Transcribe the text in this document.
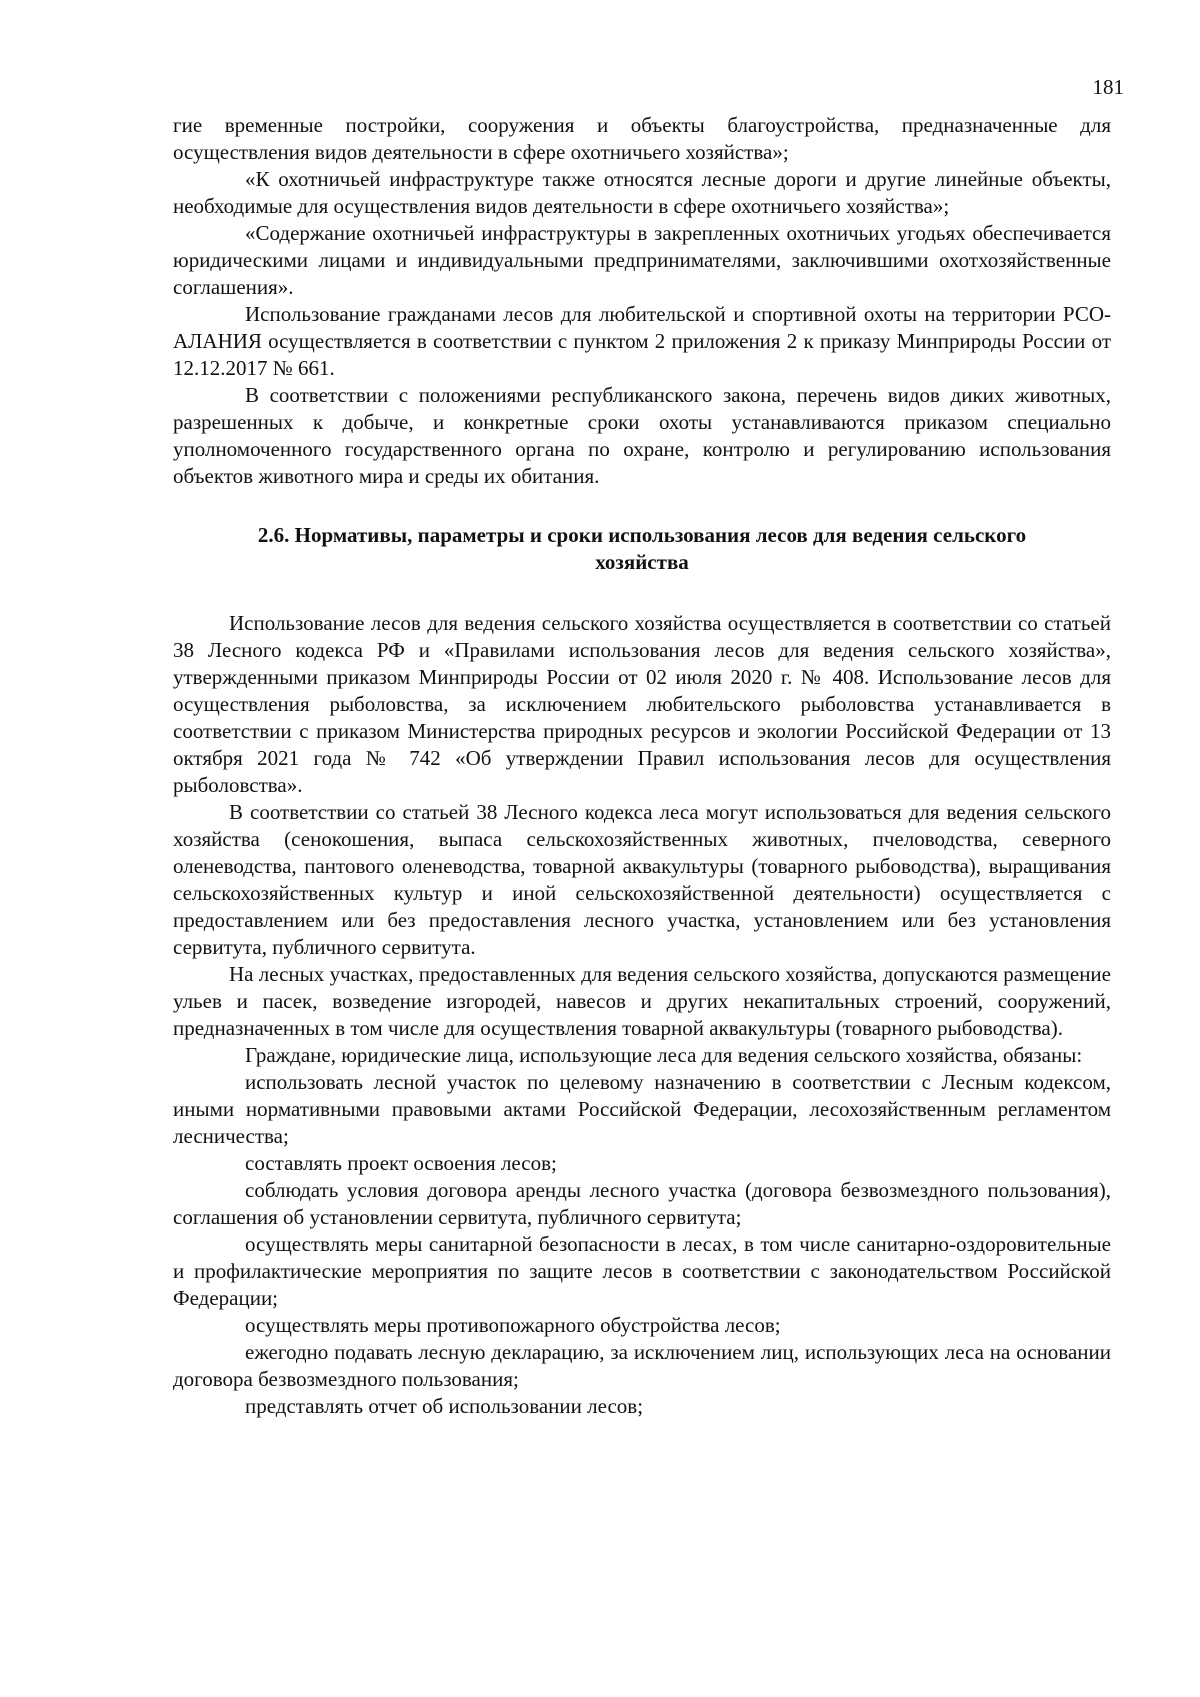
181

гие временные постройки, сооружения и объекты благоустройства, предназначенные для осуществления видов деятельности в сфере охотничьего хозяйства»;

«К охотничьей инфраструктуре также относятся лесные дороги и другие линейные объекты, необходимые для осуществления видов деятельности в сфере охотничьего хозяйства»;

«Содержание охотничьей инфраструктуры в закрепленных охотничьих угодьях обеспечивается юридическими лицами и индивидуальными предпринимателями, заключившими охотхозяйственные соглашения».

Использование гражданами лесов для любительской и спортивной охоты на территории РСО-АЛАНИЯ осуществляется в соответствии с пунктом 2 приложения 2 к приказу Минприроды России от 12.12.2017 № 661.

В соответствии с положениями республиканского закона, перечень видов диких животных, разрешенных к добыче, и конкретные сроки охоты устанавливаются приказом специально уполномоченного государственного органа по охране, контролю и регулированию использования объектов животного мира и среды их обитания.

2.6. Нормативы, параметры и сроки использования лесов для ведения сельского
хозяйства

Использование лесов для ведения сельского хозяйства осуществляется в соответствии со статьей 38 Лесного кодекса РФ и «Правилами использования лесов для ведения сельского хозяйства», утвержденными приказом Минприроды России от 02 июля 2020 г. № 408. Использование лесов для осуществления рыболовства, за исключением любительского рыболовства устанавливается в соответствии с приказом Министерства природных ресурсов и экологии Российской Федерации от 13 октября 2021 года № 742 «Об утверждении Правил использования лесов для осуществления рыболовства».

В соответствии со статьей 38 Лесного кодекса леса могут использоваться для ведения сельского хозяйства (сенокошения, выпаса сельскохозяйственных животных, пчеловодства, северного оленеводства, пантового оленеводства, товарной аквакультуры (товарного рыбоводства), выращивания сельскохозяйственных культур и иной сельскохозяйственной деятельности) осуществляется с предоставлением или без предоставления лесного участка, установлением или без установления сервитута, публичного сервитута.

На лесных участках, предоставленных для ведения сельского хозяйства, допускаются размещение ульев и пасек, возведение изгородей, навесов и других некапитальных строений, сооружений, предназначенных в том числе для осуществления товарной аквакультуры (товарного рыбоводства).

Граждане, юридические лица, использующие леса для ведения сельского хозяйства, обязаны:

использовать лесной участок по целевому назначению в соответствии с Лесным кодексом, иными нормативными правовыми актами Российской Федерации, лесохозяйственным регламентом лесничества;

составлять проект освоения лесов;

соблюдать условия договора аренды лесного участка (договора безвозмездного пользования), соглашения об установлении сервитута, публичного сервитута;

осуществлять меры санитарной безопасности в лесах, в том числе санитарно-оздоровительные и профилактические мероприятия по защите лесов в соответствии с законодательством Российской Федерации;

осуществлять меры противопожарного обустройства лесов;

ежегодно подавать лесную декларацию, за исключением лиц, использующих леса на основании договора безвозмездного пользования;

представлять отчет об использовании лесов;
